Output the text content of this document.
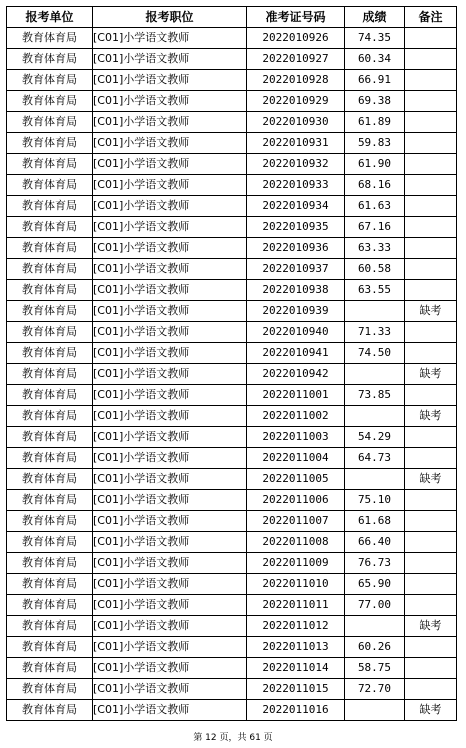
报考单位	报考职位	准考证号码	成绩	备注
教育体育局	[C01]小学语文教师	2022010926	74.35	
教育体育局	[C01]小学语文教师	2022010927	60.34	
教育体育局	[C01]小学语文教师	2022010928	66.91	
教育体育局	[C01]小学语文教师	2022010929	69.38	
教育体育局	[C01]小学语文教师	2022010930	61.89	
教育体育局	[C01]小学语文教师	2022010931	59.83	
教育体育局	[C01]小学语文教师	2022010932	61.90	
教育体育局	[C01]小学语文教师	2022010933	68.16	
教育体育局	[C01]小学语文教师	2022010934	61.63	
教育体育局	[C01]小学语文教师	2022010935	67.16	
教育体育局	[C01]小学语文教师	2022010936	63.33	
教育体育局	[C01]小学语文教师	2022010937	60.58	
教育体育局	[C01]小学语文教师	2022010938	63.55	
教育体育局	[C01]小学语文教师	2022010939		缺考
教育体育局	[C01]小学语文教师	2022010940	71.33	
教育体育局	[C01]小学语文教师	2022010941	74.50	
教育体育局	[C01]小学语文教师	2022010942		缺考
教育体育局	[C01]小学语文教师	2022011001	73.85	
教育体育局	[C01]小学语文教师	2022011002		缺考
教育体育局	[C01]小学语文教师	2022011003	54.29	
教育体育局	[C01]小学语文教师	2022011004	64.73	
教育体育局	[C01]小学语文教师	2022011005		缺考
教育体育局	[C01]小学语文教师	2022011006	75.10	
教育体育局	[C01]小学语文教师	2022011007	61.68	
教育体育局	[C01]小学语文教师	2022011008	66.40	
教育体育局	[C01]小学语文教师	2022011009	76.73	
教育体育局	[C01]小学语文教师	2022011010	65.90	
教育体育局	[C01]小学语文教师	2022011011	77.00	
教育体育局	[C01]小学语文教师	2022011012		缺考
教育体育局	[C01]小学语文教师	2022011013	60.26	
教育体育局	[C01]小学语文教师	2022011014	58.75	
教育体育局	[C01]小学语文教师	2022011015	72.70	
教育体育局	[C01]小学语文教师	2022011016		缺考
第 12 页，共 61 页
